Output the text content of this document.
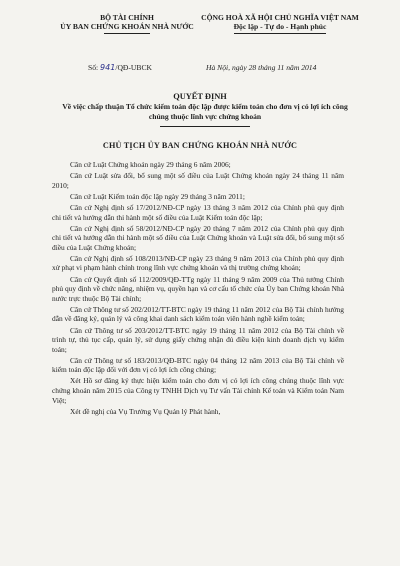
BỘ TÀI CHÍNH
ỦY BAN CHỨNG KHOÁN NHÀ NƯỚC
CỘNG HOÀ XÃ HỘI CHỦ NGHĨA VIỆT NAM
Độc lập - Tự do - Hạnh phúc
Số: 941/QĐ-UBCK	Hà Nội, ngày 28 tháng 11 năm 2014
QUYẾT ĐỊNH
Về việc chấp thuận Tổ chức kiểm toán độc lập được kiểm toán cho đơn vị có lợi ích công chúng thuộc lĩnh vực chứng khoán
CHỦ TỊCH ỦY BAN CHỨNG KHOÁN NHÀ NƯỚC

Căn cứ Luật Chứng khoán ngày 29 tháng 6 năm 2006;

Căn cứ Luật sửa đổi, bổ sung một số điều của Luật Chứng khoán ngày 24 tháng 11 năm 2010;

Căn cứ Luật Kiểm toán độc lập ngày 29 tháng 3 năm 2011;

Căn cứ Nghị định số 17/2012/NĐ-CP ngày 13 tháng 3 năm 2012 của Chính phủ quy định chi tiết và hướng dẫn thi hành một số điều của Luật Kiểm toán độc lập;

Căn cứ Nghị định số 58/2012/NĐ-CP ngày 20 tháng 7 năm 2012 của Chính phủ quy định chi tiết và hướng dẫn thi hành một số điều của Luật Chứng khoán và Luật sửa đổi, bổ sung một số điều của Luật Chứng khoán;

Căn cứ Nghị định số 108/2013/NĐ-CP ngày 23 tháng 9 năm 2013 của Chính phủ quy định xử phạt vi phạm hành chính trong lĩnh vực chứng khoán và thị trường chứng khoán;

Căn cứ Quyết định số 112/2009/QĐ-TTg ngày 11 tháng 9 năm 2009 của Thủ tướng Chính phủ quy định về chức năng, nhiệm vụ, quyền hạn và cơ cấu tổ chức của Ủy ban Chứng khoán Nhà nước trực thuộc Bộ Tài chính;

Căn cứ Thông tư số 202/2012/TT-BTC ngày 19 tháng 11 năm 2012 của Bộ Tài chính hướng dẫn về đăng ký, quản lý và công khai danh sách kiểm toán viên hành nghề kiểm toán;

Căn cứ Thông tư số 203/2012/TT-BTC ngày 19 tháng 11 năm 2012 của Bộ Tài chính về trình tự, thủ tục cấp, quản lý, sử dụng giấy chứng nhận đủ điều kiện kinh doanh dịch vụ kiểm toán;

Căn cứ Thông tư số 183/2013/QĐ-BTC ngày 04 tháng 12 năm 2013 của Bộ Tài chính về kiểm toán độc lập đối với đơn vị có lợi ích công chúng;

Xét Hồ sơ đăng ký thực hiện kiểm toán cho đơn vị có lợi ích công chúng thuộc lĩnh vực chứng khoán năm 2015 của Công ty TNHH Dịch vụ Tư vấn Tài chính Kế toán và Kiểm toán Nam Việt;

Xét đề nghị của Vụ Trưởng Vụ Quản lý Phát hành,
